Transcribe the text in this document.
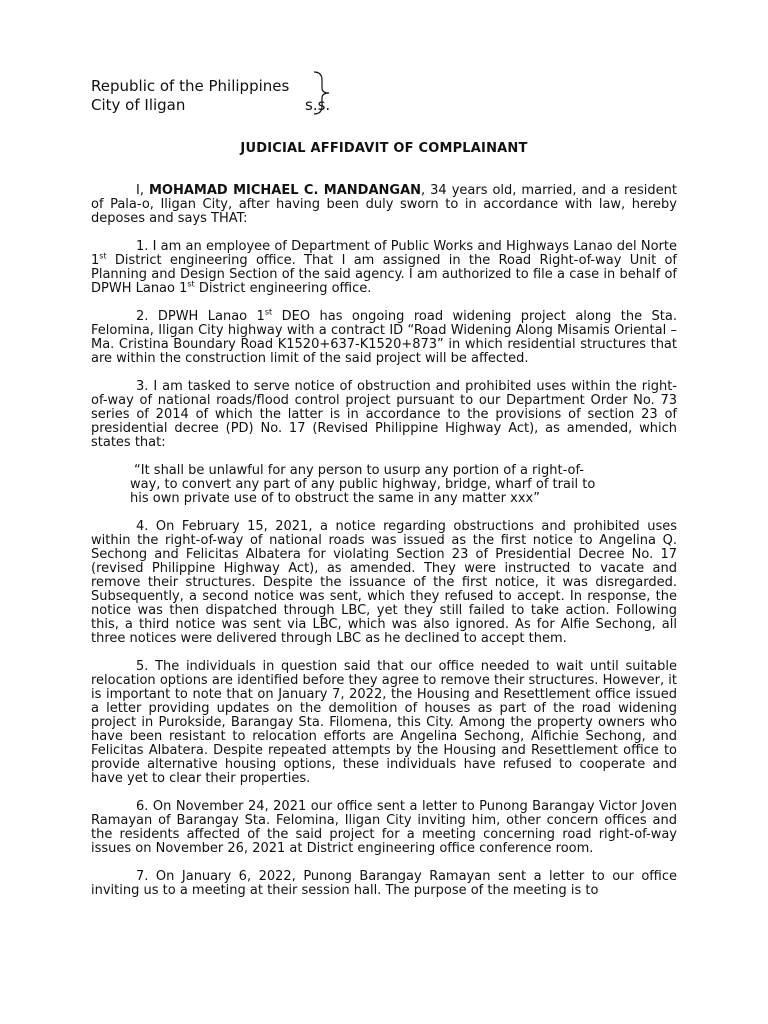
Republic of the Philippines
City of Iligan	s.s.
JUDICIAL AFFIDAVIT OF COMPLAINANT

I, MOHAMAD MICHAEL C. MANDANGAN, 34 years old, married, and a resident of Pala-o, Iligan City, after having been duly sworn to in accordance with law, hereby deposes and says THAT:

1. I am an employee of Department of Public Works and Highways Lanao del Norte 1st District engineering office. That I am assigned in the Road Right-of-way Unit of Planning and Design Section of the said agency. I am authorized to file a case in behalf of DPWH Lanao 1st District engineering office.

2. DPWH Lanao 1st DEO has ongoing road widening project along the Sta. Felomina, Iligan City highway with a contract ID “Road Widening Along Misamis Oriental – Ma. Cristina Boundary Road K1520+637-K1520+873” in which residential structures that are within the construction limit of the said project will be affected.

3. I am tasked to serve notice of obstruction and prohibited uses within the right-of-way of national roads/flood control project pursuant to our Department Order No. 73 series of 2014 of which the latter is in accordance to the provisions of section 23 of presidential decree (PD) No. 17 (Revised Philippine Highway Act), as amended, which states that:

“It shall be unlawful for any person to usurp any portion of a right-of-
way, to convert any part of any public highway, bridge, wharf of trail to
his own private use of to obstruct the same in any matter xxx”

4. On February 15, 2021, a notice regarding obstructions and prohibited uses within the right-of-way of national roads was issued as the first notice to Angelina Q. Sechong and Felicitas Albatera for violating Section 23 of Presidential Decree No. 17 (revised Philippine Highway Act), as amended. They were instructed to vacate and remove their structures. Despite the issuance of the first notice, it was disregarded. Subsequently, a second notice was sent, which they refused to accept. In response, the notice was then dispatched through LBC, yet they still failed to take action. Following this, a third notice was sent via LBC, which was also ignored. As for Alfie Sechong, all three notices were delivered through LBC as he declined to accept them.

5. The individuals in question said that our office needed to wait until suitable relocation options are identified before they agree to remove their structures. However, it is important to note that on January 7, 2022, the Housing and Resettlement office issued a letter providing updates on the demolition of houses as part of the road widening project in Purokside, Barangay Sta. Filomena, this City. Among the property owners who have been resistant to relocation efforts are Angelina Sechong, Alfichie Sechong, and Felicitas Albatera. Despite repeated attempts by the Housing and Resettlement office to provide alternative housing options, these individuals have refused to cooperate and have yet to clear their properties.

6. On November 24, 2021 our office sent a letter to Punong Barangay Victor Joven Ramayan of Barangay Sta. Felomina, Iligan City inviting him, other concern offices and the residents affected of the said project for a meeting concerning road right-of-way issues on November 26, 2021 at District engineering office conference room.

7. On January 6, 2022, Punong Barangay Ramayan sent a letter to our office inviting us to a meeting at their session hall. The purpose of the meeting is to
